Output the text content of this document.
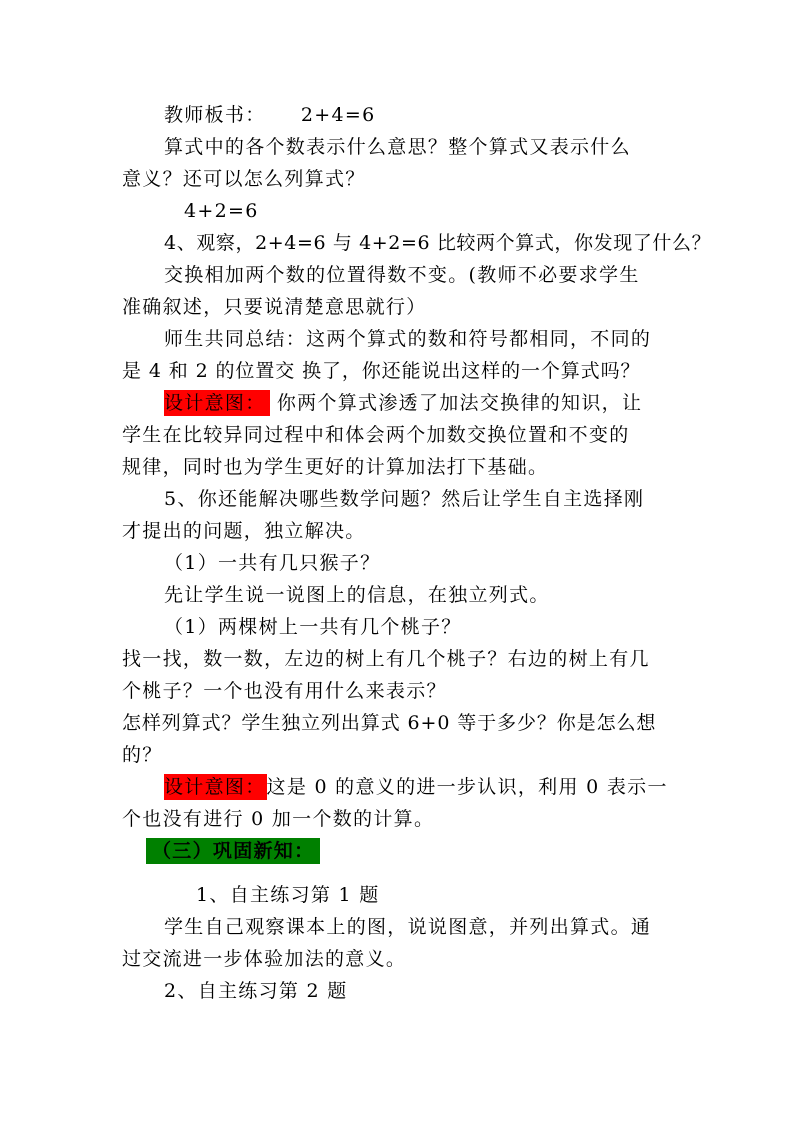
教师板书： 2+4=6
算式中的各个数表示什么意思？整个算式又表示什么
意义？还可以怎么列算式？
4+2=6
4、观察，2+4=6 与 4+2=6 比较两个算式，你发现了什么？
交换相加两个数的位置得数不变。(教师不必要求学生
准确叙述，只要说清楚意思就行）
师生共同总结：这两个算式的数和符号都相同，不同的
是 4 和 2 的位置交 换了，你还能说出这样的一个算式吗？
设计意图： 你两个算式渗透了加法交换律的知识，让
学生在比较异同过程中和体会两个加数交换位置和不变的
规律，同时也为学生更好的计算加法打下基础。
5、你还能解决哪些数学问题？然后让学生自主选择刚
才提出的问题，独立解决。
（1）一共有几只猴子？
先让学生说一说图上的信息，在独立列式。
（1）两棵树上一共有几个桃子？
找一找，数一数，左边的树上有几个桃子？右边的树上有几
个桃子？一个也没有用什么来表示？
怎样列算式？学生独立列出算式 6+0 等于多少？你是怎么想
的？
设计意图：这是 0 的意义的进一步认识，利用 0 表示一
个也没有进行 0 加一个数的计算。
（三）巩固新知：
1、自主练习第 1 题
学生自己观察课本上的图，说说图意，并列出算式。通
过交流进一步体验加法的意义。
2、自主练习第 2 题
